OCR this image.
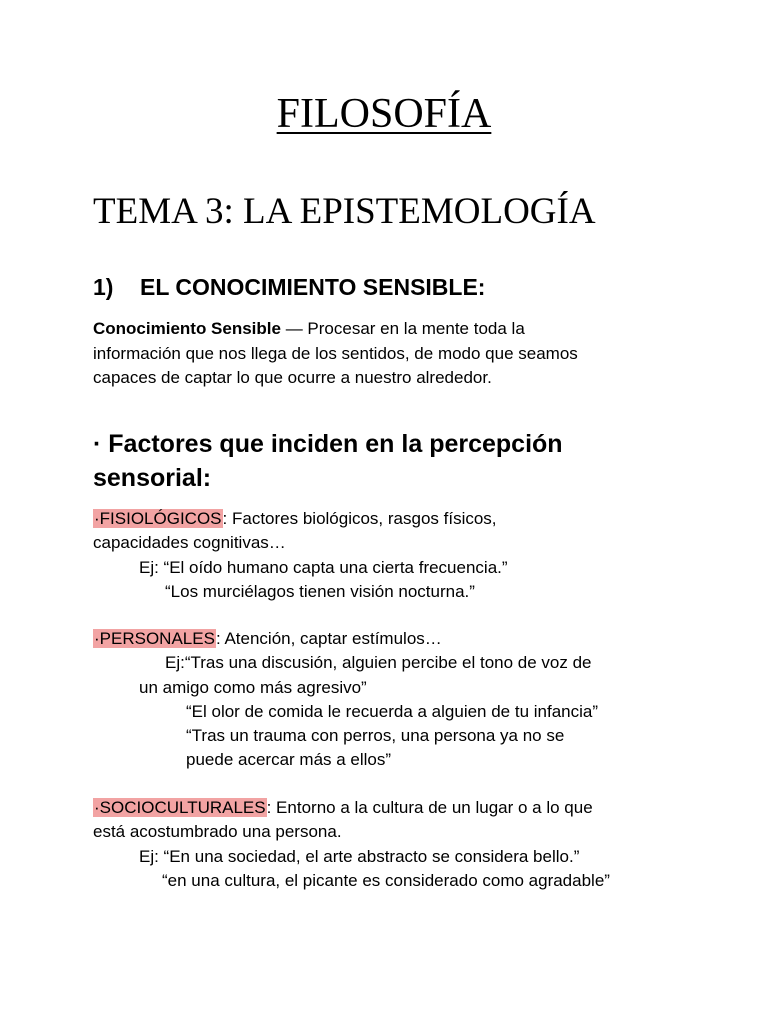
FILOSOFÍA
TEMA 3: LA EPISTEMOLOGÍA
1) EL CONOCIMIENTO SENSIBLE:
Conocimiento Sensible — Procesar en la mente toda la
información que nos llega de los sentidos, de modo que seamos
capaces de captar lo que ocurre a nuestro alrededor.
· Factores que inciden en la percepción
sensorial:
·FISIOLÓGICOS: Factores biológicos, rasgos físicos,
capacidades cognitivas…
Ej: “El oído humano capta una cierta frecuencia.”
“Los murciélagos tienen visión nocturna.”
·PERSONALES: Atención, captar estímulos…
Ej:“Tras una discusión, alguien percibe el tono de voz de
un amigo como más agresivo”
“El olor de comida le recuerda a alguien de tu infancia”
“Tras un trauma con perros, una persona ya no se
puede acercar más a ellos”
·SOCIOCULTURALES: Entorno a la cultura de un lugar o a lo que
está acostumbrado una persona.
Ej: “En una sociedad, el arte abstracto se considera bello.”
“en una cultura, el picante es considerado como agradable”
